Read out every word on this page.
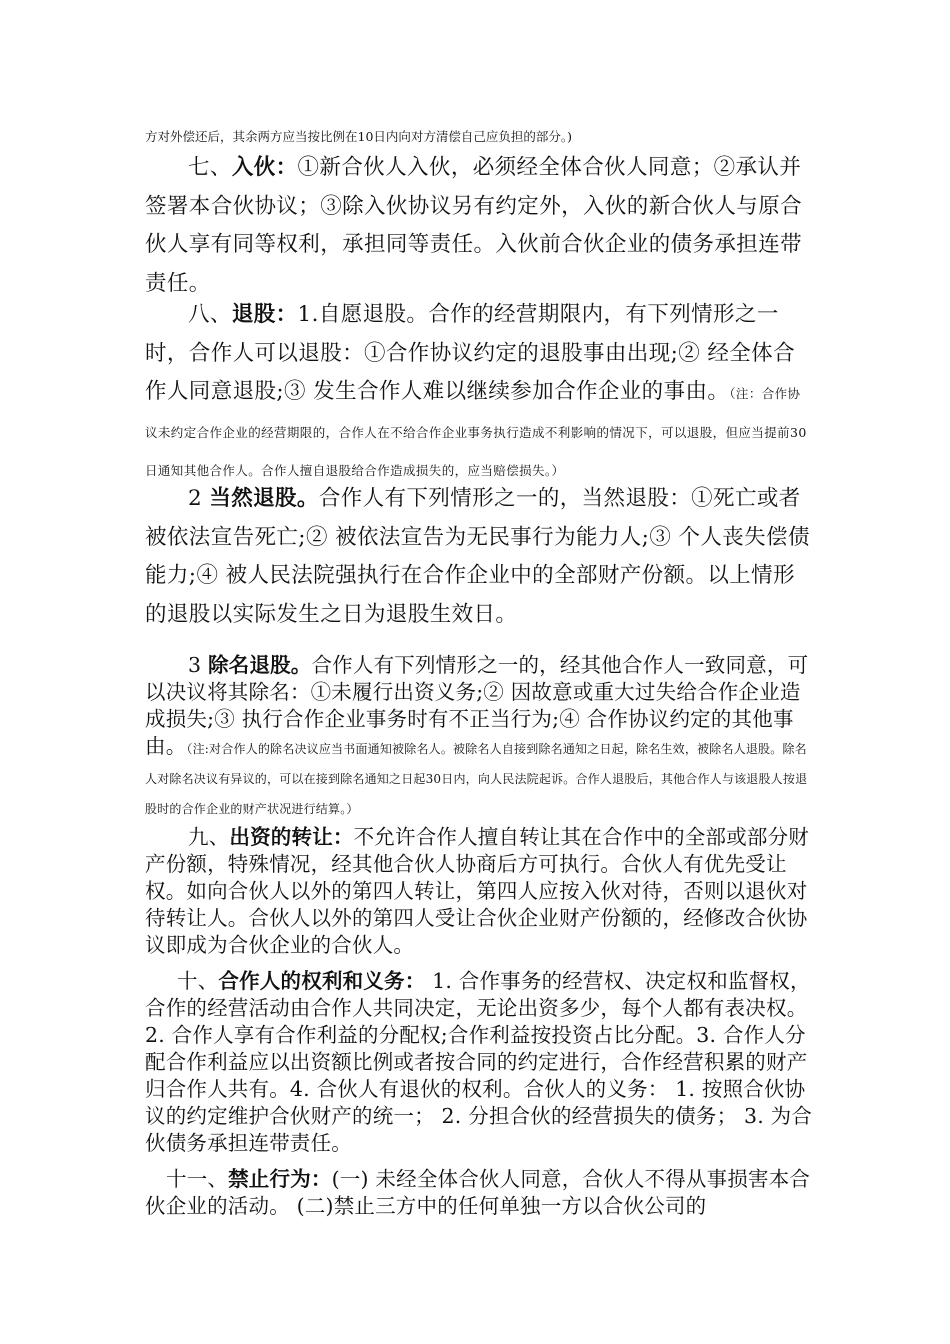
方对外偿还后，其余两方应当按比例在10日内向对方清偿自己应负担的部分。)

七、入伙：①新合伙人入伙，必须经全体合伙人同意；②承认并签署本合伙协议；③除入伙协议另有约定外，入伙的新合伙人与原合伙人享有同等权利，承担同等责任。入伙前合伙企业的债务承担连带责任。

八、退股：1.自愿退股。合作的经营期限内，有下列情形之一时，合作人可以退股：①合作协议约定的退股事由出现;② 经全体合作人同意退股;③ 发生合作人难以继续参加合作企业的事由。（注：合作协议未约定合作企业的经营期限的，合作人在不给合作企业事务执行造成不利影响的情况下，可以退股，但应当提前30日通知其他合作人。合作人擅自退股给合作造成损失的，应当赔偿损失。）

2 当然退股。合作人有下列情形之一的，当然退股：①死亡或者被依法宣告死亡;② 被依法宣告为无民事行为能力人;③ 个人丧失偿债能力;④ 被人民法院强执行在合作企业中的全部财产份额。以上情形的退股以实际发生之日为退股生效日。

3 除名退股。合作人有下列情形之一的，经其他合作人一致同意，可以决议将其除名：①未履行出资义务;② 因故意或重大过失给合作企业造成损失;③ 执行合作企业事务时有不正当行为;④ 合作协议约定的其他事由。（注:对合作人的除名决议应当书面通知被除名人。被除名人自接到除名通知之日起，除名生效，被除名人退股。除名人对除名决议有异议的，可以在接到除名通知之日起30日内，向人民法院起诉。合作人退股后，其他合作人与该退股人按退股时的合作企业的财产状况进行结算。）

九、出资的转让：不允许合作人擅自转让其在合作中的全部或部分财产份额，特殊情况，经其他合伙人协商后方可执行。合伙人有优先受让权。如向合伙人以外的第四人转让，第四人应按入伙对待，否则以退伙对待转让人。合伙人以外的第四人受让合伙企业财产份额的，经修改合伙协议即成为合伙企业的合伙人。

十、合作人的权利和义务： 1. 合作事务的经营权、决定权和监督权，合作的经营活动由合作人共同决定，无论出资多少，每个人都有表决权。 2. 合作人享有合作利益的分配权;合作利益按投资占比分配。3. 合作人分配合作利益应以出资额比例或者按合同的约定进行，合作经营积累的财产归合作人共有。4. 合伙人有退伙的权利。合伙人的义务： 1. 按照合伙协议的约定维护合伙财产的统一； 2. 分担合伙的经营损失的债务； 3. 为合伙债务承担连带责任。

十一、禁止行为：(一) 未经全体合伙人同意，合伙人不得从事损害本合伙企业的活动。 (二)禁止三方中的任何单独一方以合伙公司的
